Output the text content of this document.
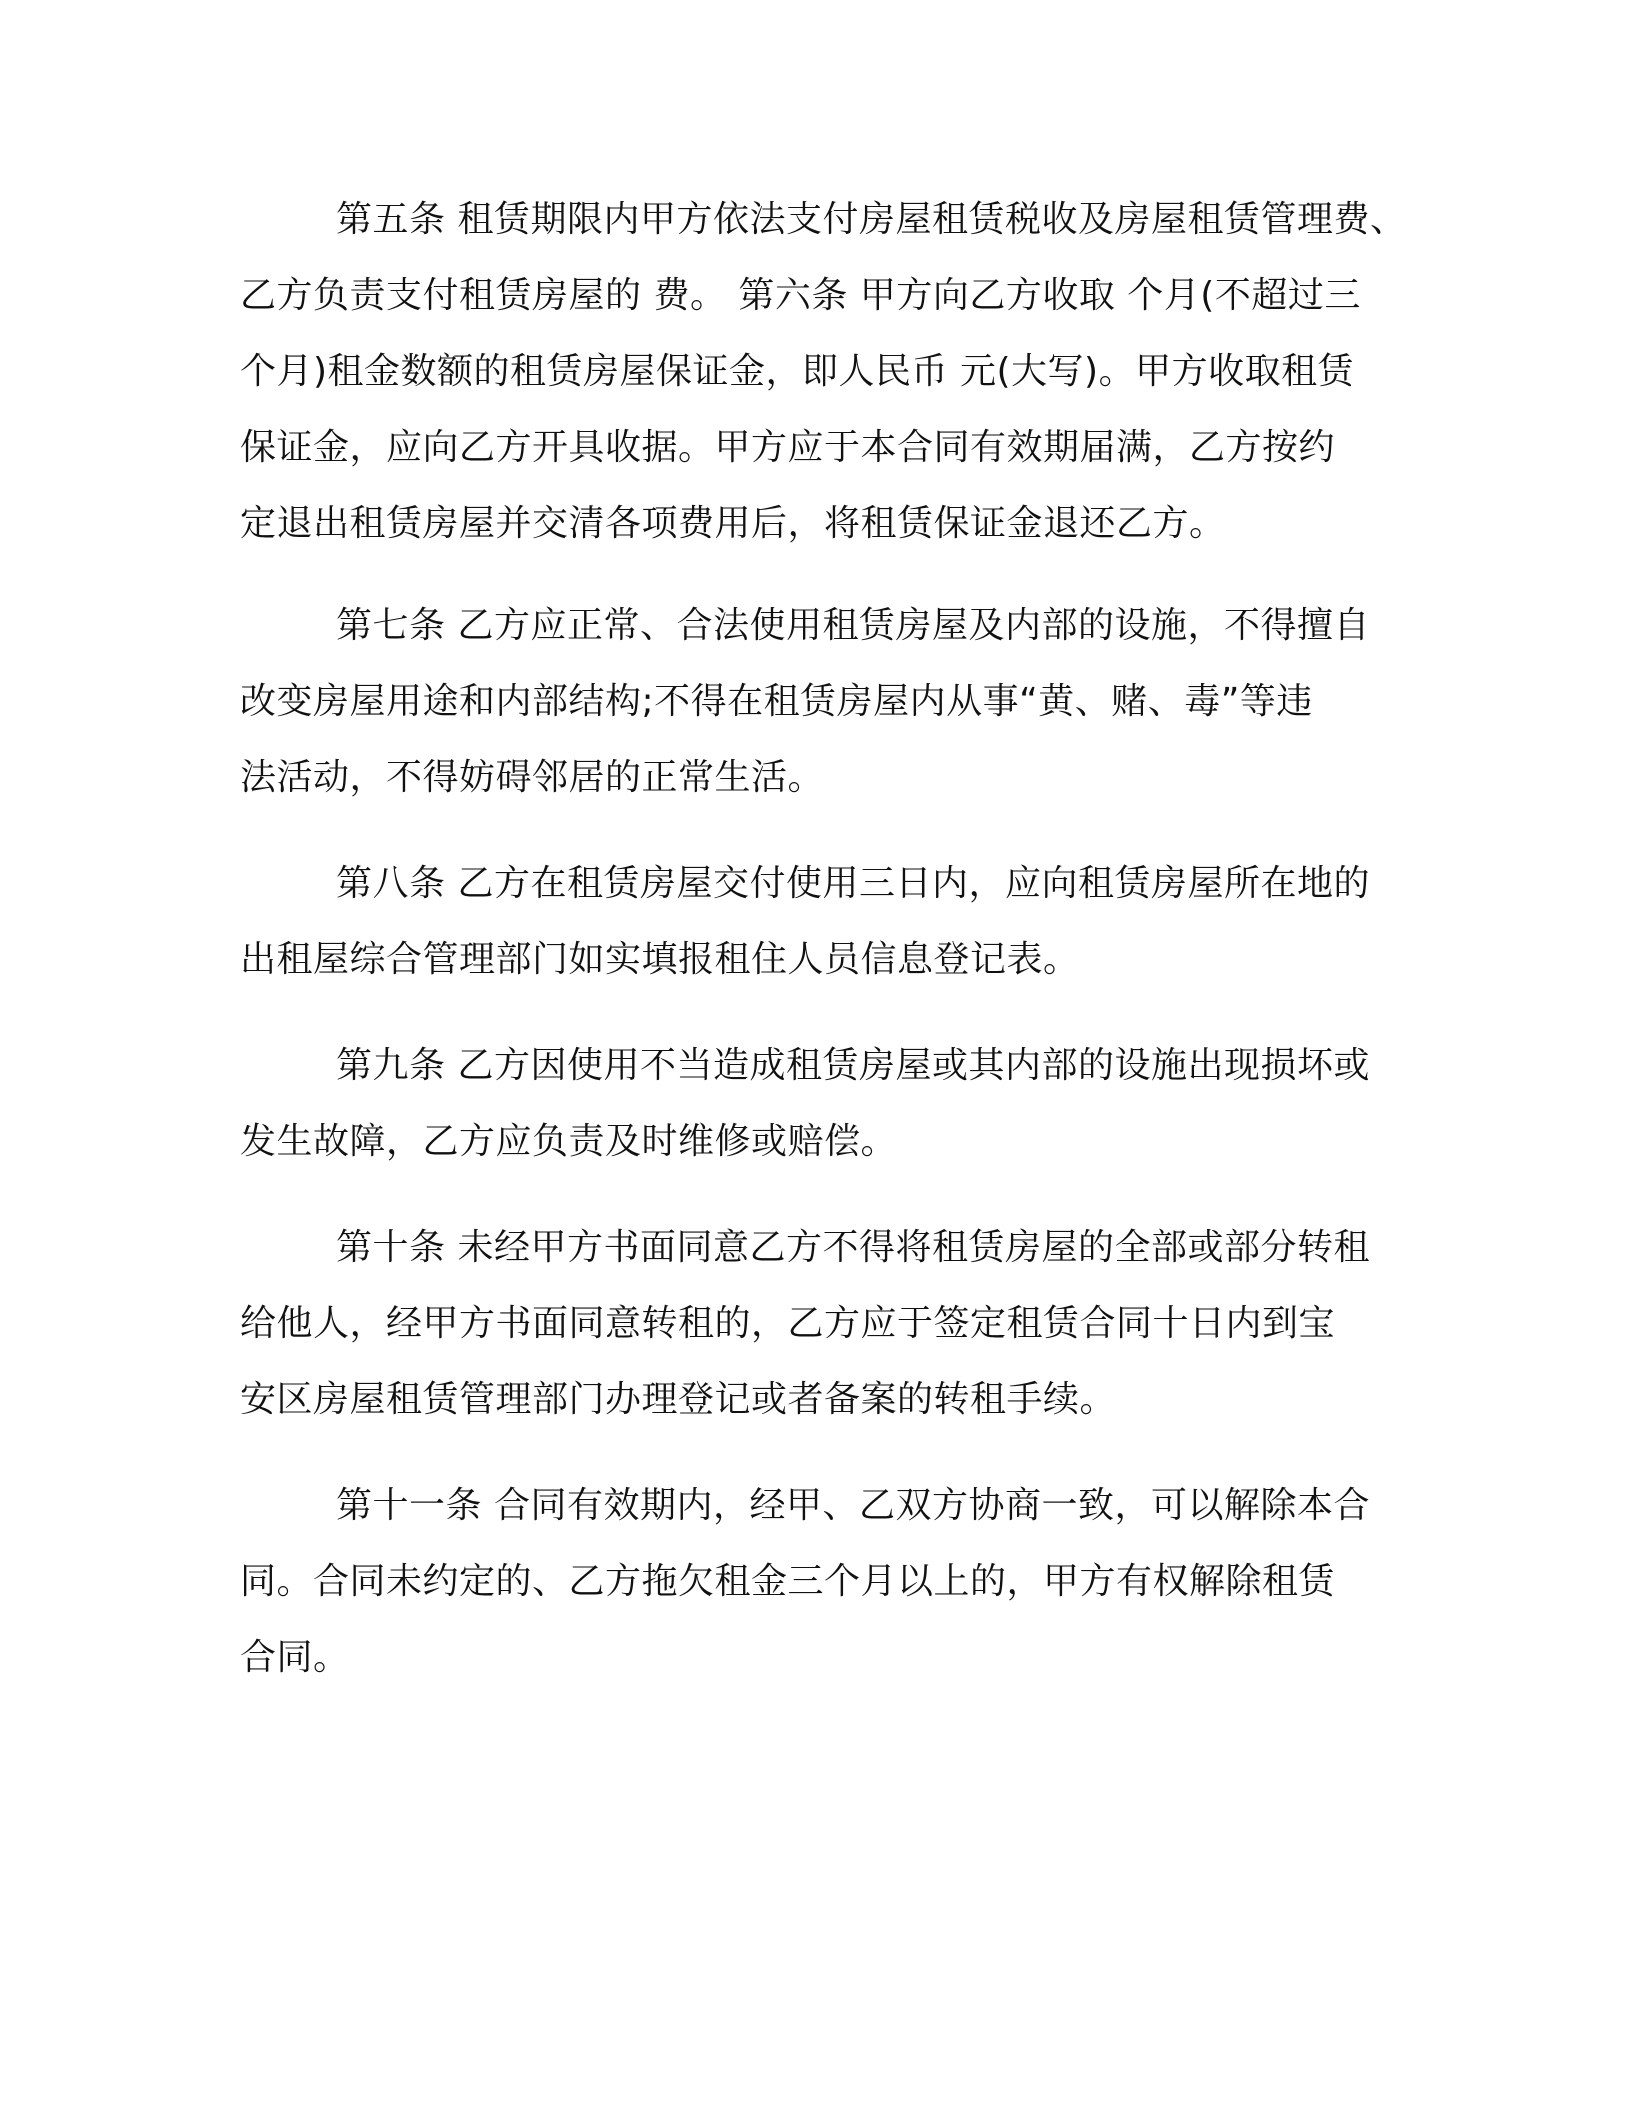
第五条 租赁期限内甲方依法支付房屋租赁税收及房屋租赁管理费、
乙方负责支付租赁房屋的 费。 第六条 甲方向乙方收取 个月(不超过三
个月)租金数额的租赁房屋保证金，即人民币 元(大写)。甲方收取租赁
保证金，应向乙方开具收据。甲方应于本合同有效期届满，乙方按约
定退出租赁房屋并交清各项费用后，将租赁保证金退还乙方。
第七条 乙方应正常、合法使用租赁房屋及内部的设施，不得擅自
改变房屋用途和内部结构;不得在租赁房屋内从事“黄、赌、毒”等违
法活动，不得妨碍邻居的正常生活。
第八条 乙方在租赁房屋交付使用三日内，应向租赁房屋所在地的
出租屋综合管理部门如实填报租住人员信息登记表。
第九条 乙方因使用不当造成租赁房屋或其内部的设施出现损坏或
发生故障，乙方应负责及时维修或赔偿。
第十条 未经甲方书面同意乙方不得将租赁房屋的全部或部分转租
给他人，经甲方书面同意转租的，乙方应于签定租赁合同十日内到宝
安区房屋租赁管理部门办理登记或者备案的转租手续。
第十一条 合同有效期内，经甲、乙双方协商一致，可以解除本合
同。合同未约定的、乙方拖欠租金三个月以上的，甲方有权解除租赁
合同。
